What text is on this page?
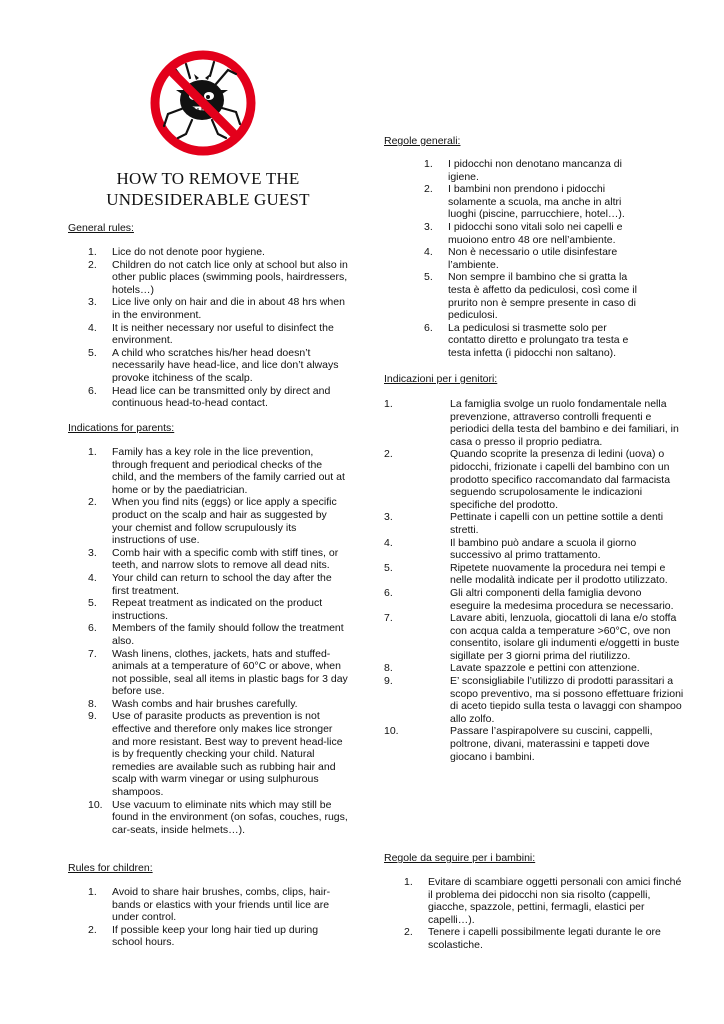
HOW TO REMOVE THE
UNDESIDERABLE GUEST
General rules:
1.	Lice do not denote poor hygiene.
2.	Children do not catch lice only at school but also in other public places (swimming pools, hairdressers, hotels…)
3.	Lice live only on hair and die in about 48 hrs when in the environment.
4.	It is neither necessary nor useful to disinfect the environment.
5.	A child who scratches his/her head doesn’t necessarily have head-lice, and lice don’t always provoke itchiness of the scalp.
6.	Head lice can be transmitted only by direct and continuous head-to-head contact.
Indications for parents:
1.	Family has a key role in the lice prevention, through frequent and periodical checks of the child, and the members of the family carried out at home or by the paediatrician.
2.	When you find nits (eggs) or lice apply a specific product on the scalp and hair as suggested by your chemist and follow scrupulously its instructions of use.
3.	Comb hair with a specific comb with stiff tines, or teeth, and narrow slots to remove all dead nits.
4.	Your child can return to school the day after the first treatment.
5.	Repeat treatment as indicated on the product instructions.
6.	Members of the family should follow the treatment also.
7.	Wash linens, clothes, jackets, hats and stuffed-animals at a temperature of 60°C or above, when not possible, seal all items in plastic bags for 3 day before use.
8.	Wash combs and hair brushes carefully.
9.	Use of parasite products as prevention is not effective and therefore only makes lice stronger and more resistant. Best way to prevent head-lice is by frequently checking your child. Natural remedies are available such as rubbing hair and scalp with warm vinegar or using sulphurous shampoos.
10. Use vacuum to eliminate nits which may still be found in the environment (on sofas, couches, rugs, car-seats, inside helmets…).
Rules for children:
1.	Avoid to share hair brushes, combs, clips, hair-bands or elastics with your friends until lice are under control.
2.	If possible keep your long hair tied up during school hours.
Regole generali:
1.	I pidocchi non denotano mancanza di igiene.
2.	I bambini non prendono i pidocchi solamente a scuola, ma anche in altri luoghi (piscine, parrucchiere, hotel…).
3.	I pidocchi sono vitali solo nei capelli e muoiono entro 48 ore nell’ambiente.
4.	Non è necessario o utile disinfestare l’ambiente.
5.	Non sempre il bambino che si gratta la testa è affetto da pediculosi, così come il prurito non è sempre presente in caso di pediculosi.
6.	La pediculosi si trasmette solo per contatto diretto e prolungato tra testa e testa infetta (i pidocchi non saltano).
Indicazioni per i genitori:
1.	La famiglia svolge un ruolo fondamentale nella prevenzione, attraverso controlli frequenti e periodici della testa del bambino e dei familiari, in casa o presso il proprio pediatra.
2.	Quando scoprite la presenza di ledini (uova) o pidocchi, frizionate i capelli del bambino con un prodotto specifico raccomandato dal farmacista seguendo scrupolosamente le indicazioni specifiche del prodotto.
3.	Pettinate i capelli con un pettine sottile a denti stretti.
4.	Il bambino può andare a scuola il giorno successivo al primo trattamento.
5.	Ripetete nuovamente la procedura nei tempi e nelle modalità indicate per il prodotto utilizzato.
6.	Gli altri componenti della famiglia devono eseguire la medesima procedura se necessario.
7.	Lavare abiti, lenzuola, giocattoli di lana e/o stoffa con acqua calda a temperature >60°C, ove non consentito, isolare gli indumenti e/oggetti in buste sigillate per 3 giorni prima del riutilizzo.
8.	Lavate spazzole e pettini con attenzione.
9.	E’ sconsigliabile l’utilizzo di prodotti parassitari a scopo preventivo, ma si possono effettuare frizioni di aceto tiepido sulla testa o lavaggi con shampoo allo zolfo.
10.	Passare l’aspirapolvere su cuscini, cappelli, poltrone, divani, materassini e tappeti dove giocano i bambini.
Regole da seguire per i bambini:
1.	Evitare di scambiare oggetti personali con amici finché il problema dei pidocchi non sia risolto (cappelli, giacche, spazzole, pettini, fermagli, elastici per capelli…).
2.	Tenere i capelli possibilmente legati durante le ore scolastiche.
